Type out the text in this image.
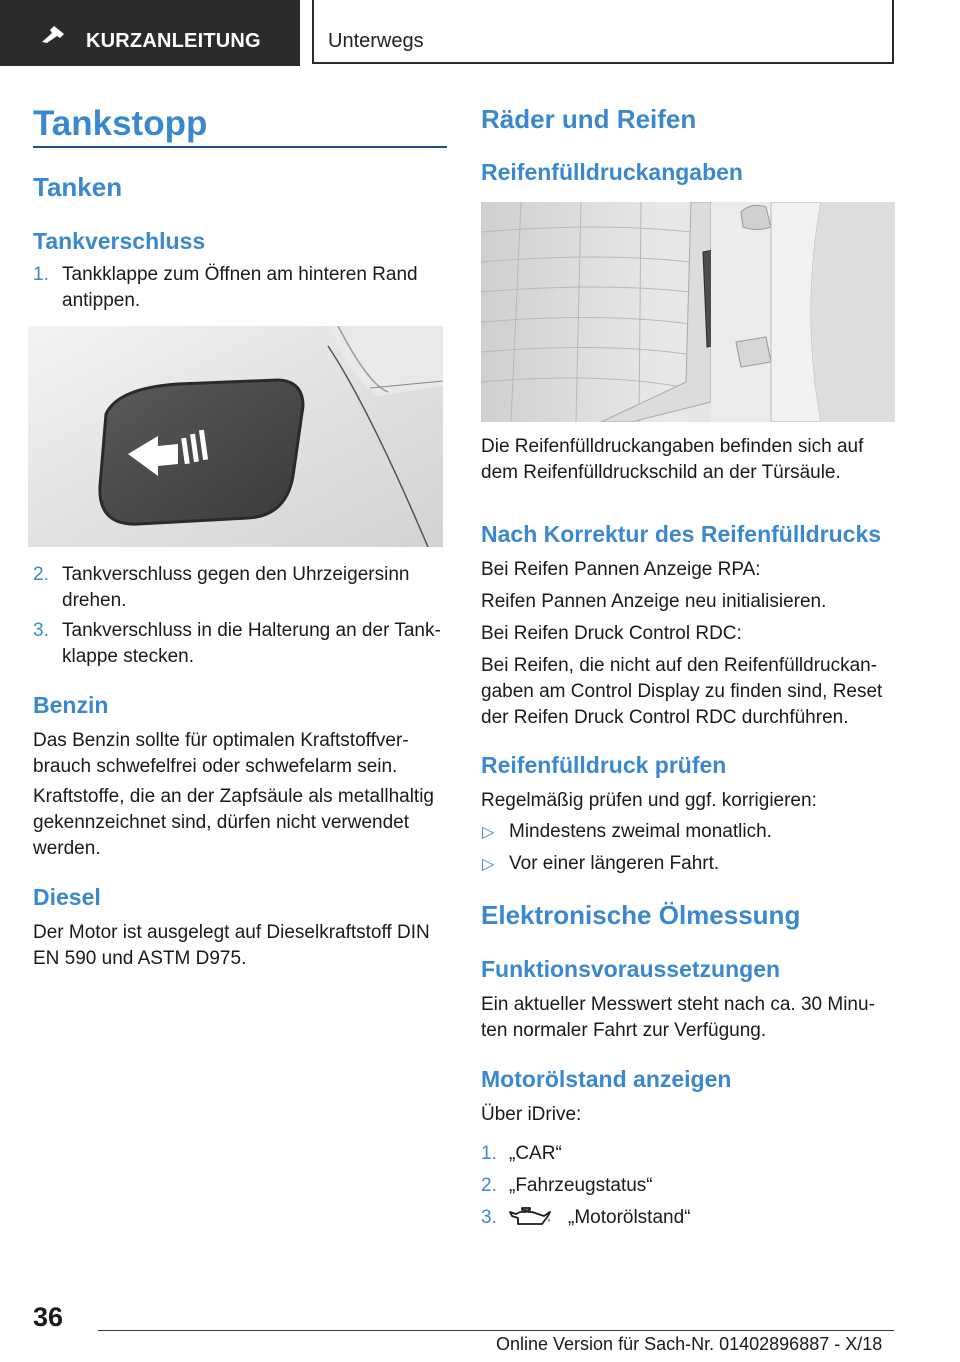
KURZANLEITUNG	Unterwegs
Tankstopp
Tanken
Tankverschluss
1. Tankklappe zum Öffnen am hinteren Rand

antippen.

2. Tankverschluss gegen den Uhrzeigersinn

drehen.

3. Tankverschluss in die Halterung an der Tank-

klappe stecken.

Benzin

Das Benzin sollte für optimalen Kraftstoffver-

brauch schwefelfrei oder schwefelarm sein.

Kraftstoffe, die an der Zapfsäule als metallhaltig

gekennzeichnet sind, dürfen nicht verwendet

werden.

Diesel

Der Motor ist ausgelegt auf Dieselkraftstoff DIN

EN 590 und ASTM D975.

Räder und Reifen
Reifenfülldruckangaben

Die Reifenfülldruckangaben befinden sich auf

dem Reifenfülldruckschild an der Türsäule.

Nach Korrektur des Reifenfülldrucks

Bei Reifen Pannen Anzeige RPA:

Reifen Pannen Anzeige neu initialisieren.

Bei Reifen Druck Control RDC:

Bei Reifen, die nicht auf den Reifenfülldruckan-

gaben am Control Display zu finden sind, Reset

der Reifen Druck Control RDC durchführen.

Reifenfülldruck prüfen

Regelmäßig prüfen und ggf. korrigieren:

▷ Mindestens zweimal monatlich.

▷ Vor einer längeren Fahrt.

Elektronische Ölmessung
Funktionsvoraussetzungen

Ein aktueller Messwert steht nach ca. 30 Minu-

ten normaler Fahrt zur Verfügung.

Motorölstand anzeigen

Über iDrive:

1. „CAR“

2. „Fahrzeugstatus“

3.	„Motorölstand“

36
Online Version für Sach-Nr. 01402896887 - X/18
